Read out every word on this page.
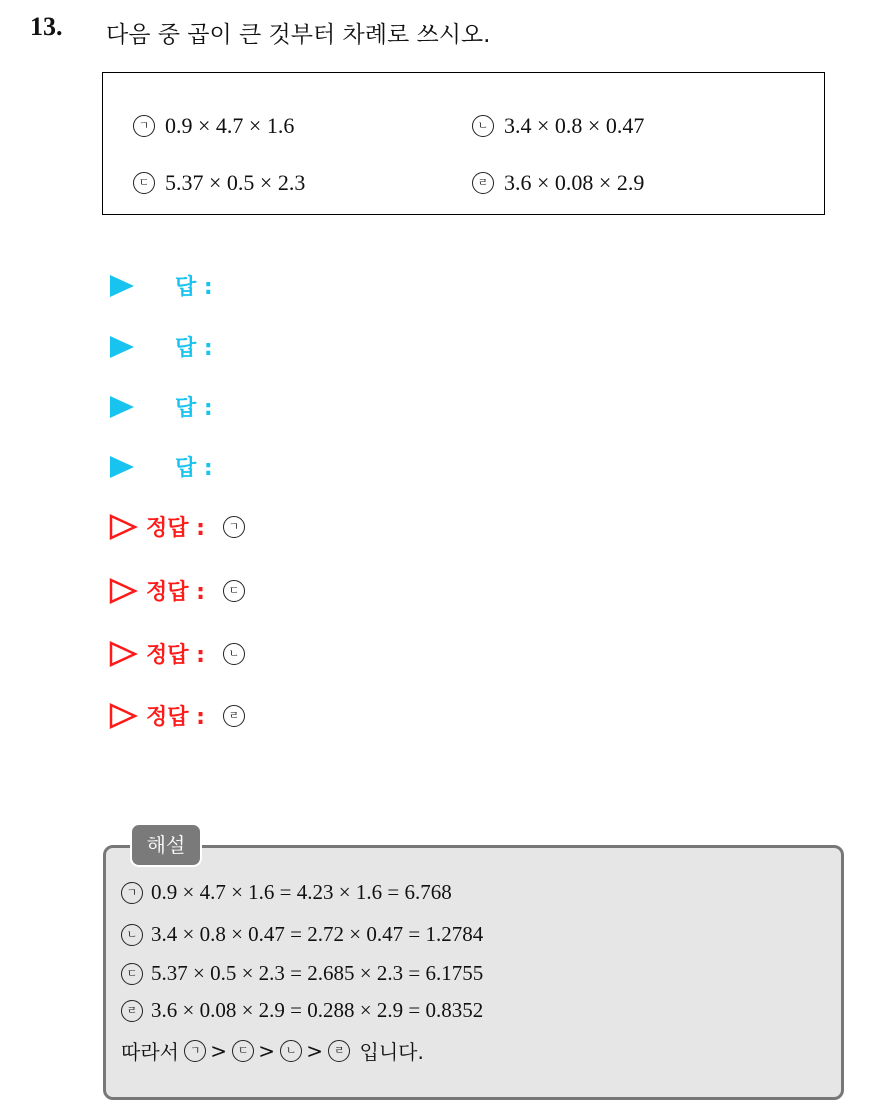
13. 다음 중 곱이 큰 것부터 차례로 쓰시오.
ㄱ 0.9 × 4.7 × 1.6	ㄴ 3.4 × 0.8 × 0.47
ㄷ 5.37 × 0.5 × 2.3	ㄹ 3.6 × 0.08 × 2.9
답 :
답 :
답 :
답 :
정답 :	ㄱ
정답 :	ㄷ
정답 :	ㄴ
정답 :	ㄹ
해설
ㄱ 0.9 × 4.7 × 1.6 = 4.23 × 1.6 = 6.768
ㄴ 3.4 × 0.8 × 0.47 = 2.72 × 0.47 = 1.2784
ㄷ 5.37 × 0.5 × 2.3 = 2.685 × 2.3 = 6.1755
ㄹ 3.6 × 0.08 × 2.9 = 0.288 × 2.9 = 0.8352
따라서
ㄱ >
ㄷ >
ㄴ >
ㄹ
입니다.
